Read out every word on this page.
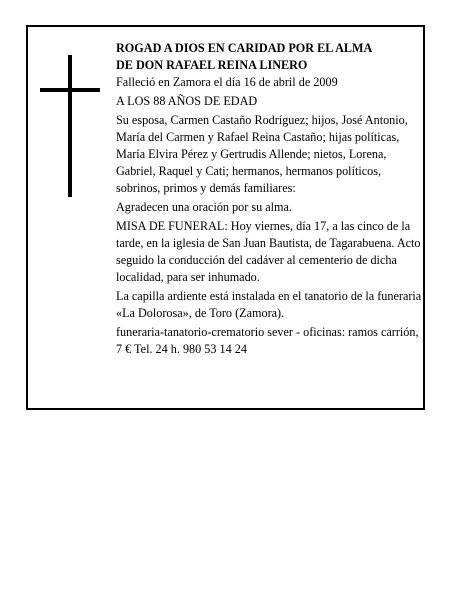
ROGAD A DIOS EN CARIDAD POR EL ALMA

DE DON RAFAEL REINA LINERO

Falleció en Zamora el día 16 de abril de 2009

A LOS 88 AÑOS DE EDAD

Su esposa, Carmen Castaño Rodríguez; hijos, José Antonio, María del Carmen y Rafael Reina Castaño; hijas políticas, María Elvira Pérez y Gertrudis Allende; nietos, Lorena, Gabriel, Raquel y Cati; hermanos, hermanos políticos, sobrinos, primos y demás familiares:

Agradecen una oración por su alma.

MISA DE FUNERAL: Hoy viernes, día 17, a las cinco de la tarde, en la iglesia de San Juan Bautista, de Tagarabuena. Acto seguido la conducción del cadáver al cementerio de dicha localidad, para ser inhumado.

La capilla ardiente está instalada en el tanatorio de la funeraria «La Dolorosa», de Toro (Zamora).

funeraria-tanatorio-crematorio sever - oficinas: ramos carrión, 7 € Tel. 24 h. 980 53 14 24
